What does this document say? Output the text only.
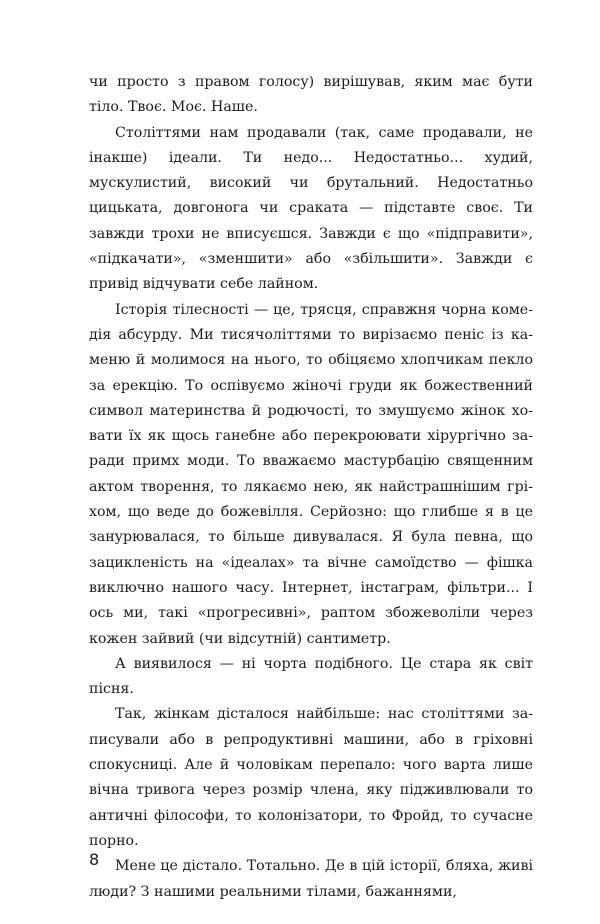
чи просто з правом голосу) вирішував, яким має бути тіло. Твоє. Моє. Наше.

Століттями нам продавали (так, саме продавали, не інакше) ідеали. Ти недо... Недостатньо... худий, мускулистий, високий чи брутальний. Недостатньо цицьката, довгонога чи сраката — підставте своє. Ти завжди трохи не вписуєшся. Завжди є що «підправити», «підкачати», «зменшити» або «збільшити». Завжди є привід відчувати себе лайном.

Історія тілесності — це, трясця, справжня чорна комедія абсурду. Ми тисячоліттями то вирізаємо пеніс із каменю й молимося на нього, то обіцяємо хлопчикам пекло за ерекцію. То оспівуємо жіночі груди як божественний символ материнства й родючості, то змушуємо жінок ховати їх як щось ганебне або перекроювати хірургічно заради примх моди. То вважаємо мастурбацію священним актом творення, то лякаємо нею, як найстрашнішим гріхом, що веде до божевілля. Серйозно: що глибше я в це занурювалася, то більше дивувалася. Я була певна, що зацикленість на «ідеалах» та вічне самоїдство — фішка виключно нашого часу. Інтернет, інстаграм, фільтри... І ось ми, такі «прогресивні», раптом збожеволіли через кожен зайвий (чи відсутній) сантиметр.

А виявилося — ні чорта подібного. Це стара як світ пісня.

Так, жінкам дісталося найбільше: нас століттями записували або в репродуктивні машини, або в гріховні спокусниці. Але й чоловікам перепало: чого варта лише вічна тривога через розмір члена, яку підживлювали то античні філософи, то колонізатори, то Фройд, то сучасне порно.

Мене це дістало. Тотально. Де в цій історії, бляха, живі люди? З нашими реальними тілами, бажаннями,

8
